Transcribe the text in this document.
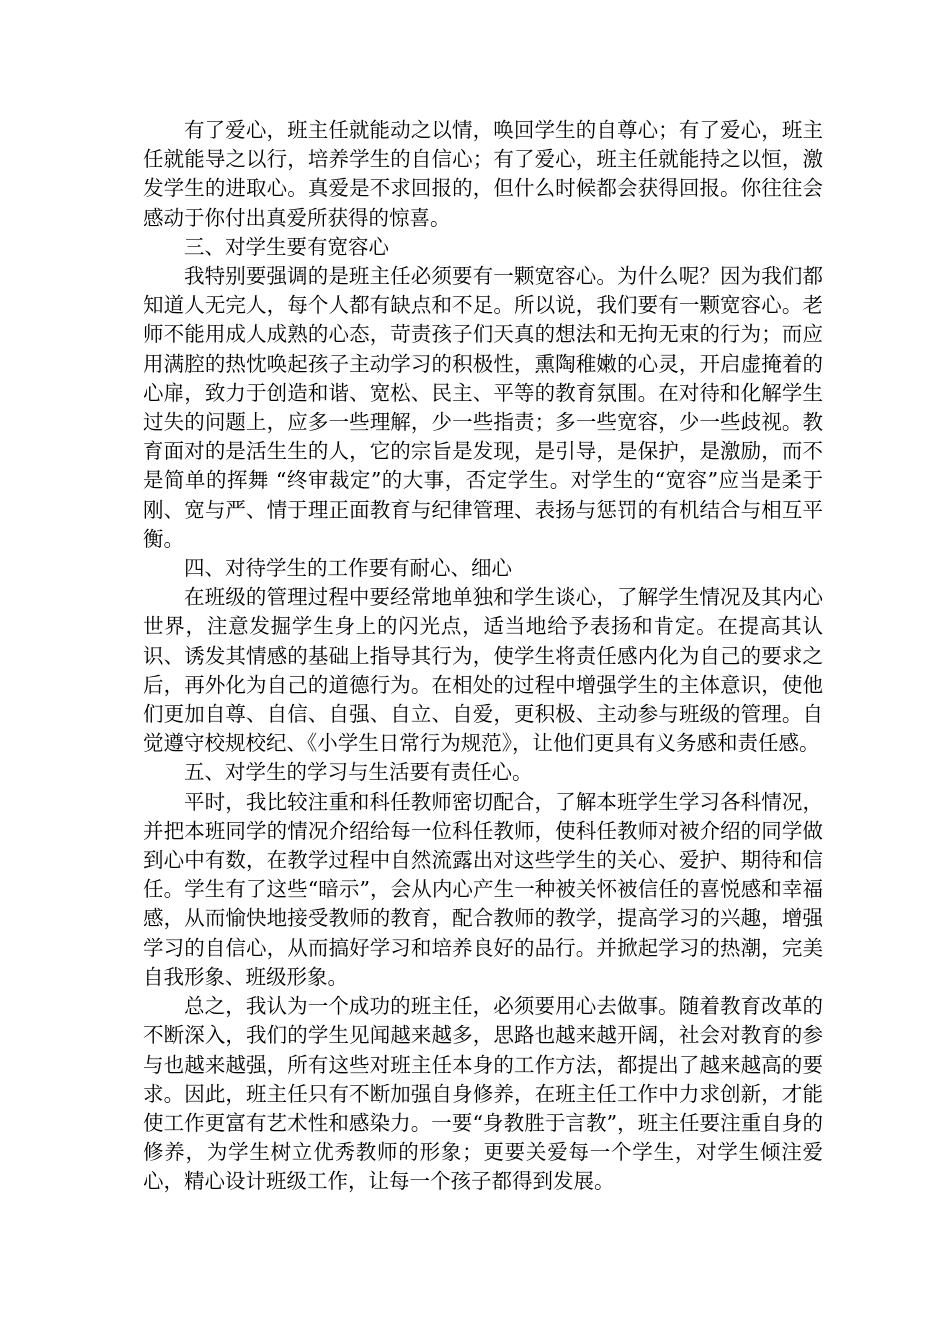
有了爱心，班主任就能动之以情，唤回学生的自尊心；有了爱心，班主任就能导之以行，培养学生的自信心；有了爱心，班主任就能持之以恒，激发学生的进取心。真爱是不求回报的，但什么时候都会获得回报。你往往会感动于你付出真爱所获得的惊喜。

三、对学生要有宽容心

我特别要强调的是班主任必须要有一颗宽容心。为什么呢？因为我们都知道人无完人，每个人都有缺点和不足。所以说，我们要有一颗宽容心。老师不能用成人成熟的心态，苛责孩子们天真的想法和无拘无束的行为；而应用满腔的热忱唤起孩子主动学习的积极性，熏陶稚嫩的心灵，开启虚掩着的心扉，致力于创造和谐、宽松、民主、平等的教育氛围。在对待和化解学生过失的问题上，应多一些理解，少一些指责；多一些宽容，少一些歧视。教育面对的是活生生的人，它的宗旨是发现，是引导，是保护，是激励，而不是简单的挥舞 “终审裁定”的大事，否定学生。对学生的“宽容”应当是柔于刚、宽与严、情于理正面教育与纪律管理、表扬与惩罚的有机结合与相互平衡。

四、对待学生的工作要有耐心、细心

在班级的管理过程中要经常地单独和学生谈心，了解学生情况及其内心世界，注意发掘学生身上的闪光点，适当地给予表扬和肯定。在提高其认识、诱发其情感的基础上指导其行为，使学生将责任感内化为自己的要求之后，再外化为自己的道德行为。在相处的过程中增强学生的主体意识，使他们更加自尊、自信、自强、自立、自爱，更积极、主动参与班级的管理。自觉遵守校规校纪、《小学生日常行为规范》，让他们更具有义务感和责任感。

五、对学生的学习与生活要有责任心。

平时，我比较注重和科任教师密切配合，了解本班学生学习各科情况，并把本班同学的情况介绍给每一位科任教师，使科任教师对被介绍的同学做到心中有数，在教学过程中自然流露出对这些学生的关心、爱护、期待和信任。学生有了这些“暗示”，会从内心产生一种被关怀被信任的喜悦感和幸福感，从而愉快地接受教师的教育，配合教师的教学，提高学习的兴趣，增强学习的自信心，从而搞好学习和培养良好的品行。并掀起学习的热潮，完美自我形象、班级形象。

总之，我认为一个成功的班主任，必须要用心去做事。随着教育改革的不断深入，我们的学生见闻越来越多，思路也越来越开阔，社会对教育的参与也越来越强，所有这些对班主任本身的工作方法，都提出了越来越高的要求。因此，班主任只有不断加强自身修养，在班主任工作中力求创新，才能使工作更富有艺术性和感染力。一要“身教胜于言教”，班主任要注重自身的修养，为学生树立优秀教师的形象；更要关爱每一个学生，对学生倾注爱心，精心设计班级工作，让每一个孩子都得到发展。
